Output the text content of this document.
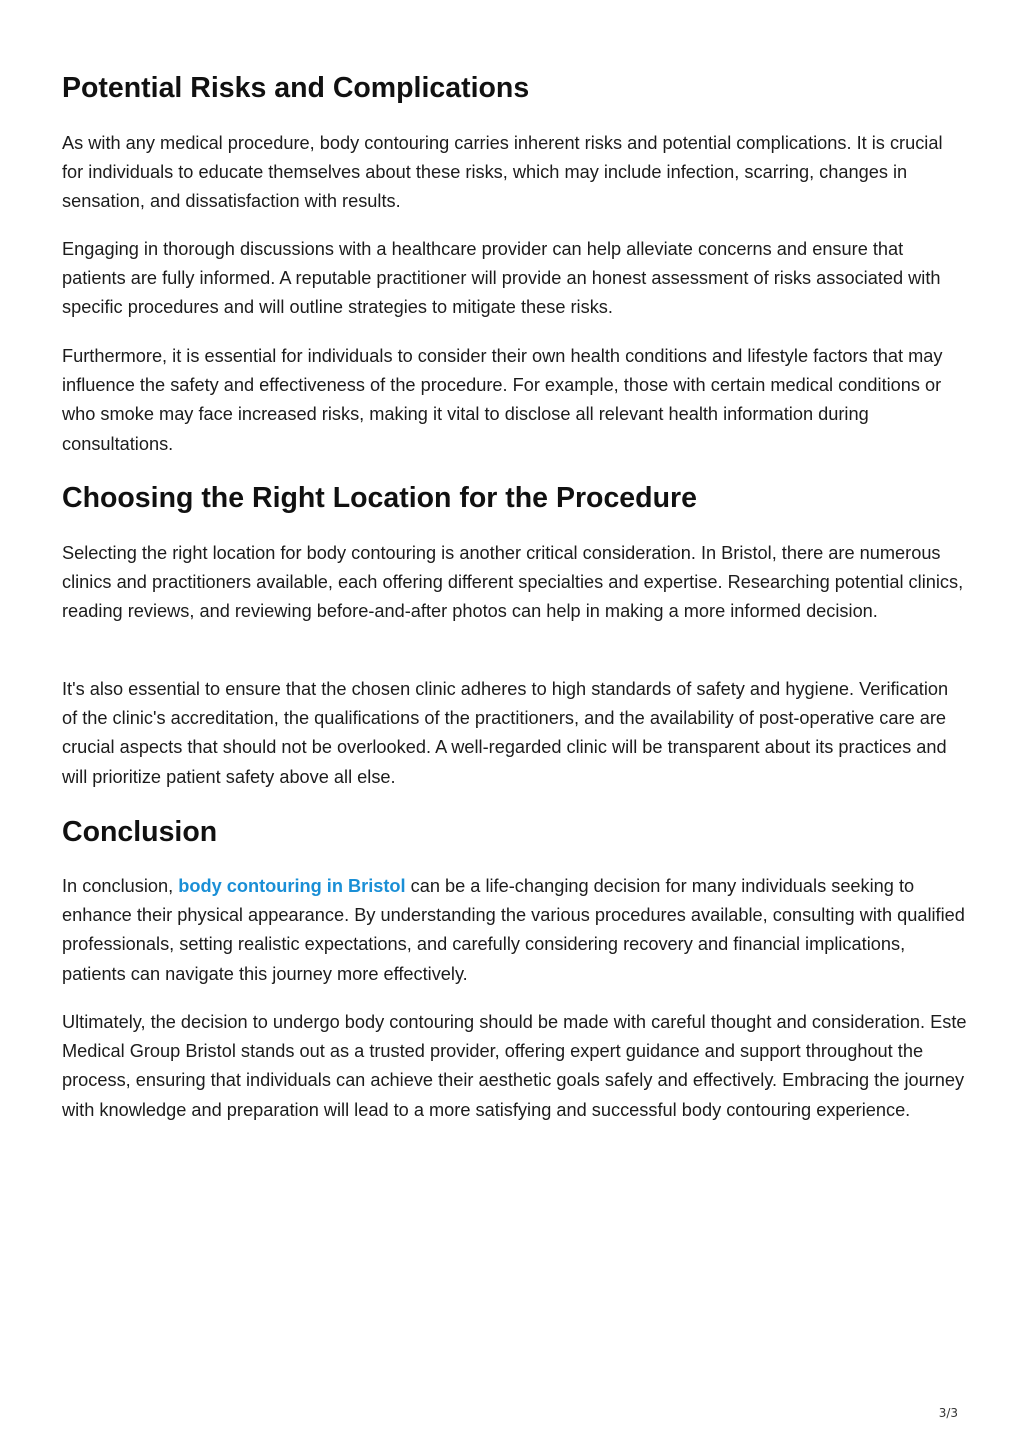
Potential Risks and Complications

As with any medical procedure, body contouring carries inherent risks and potential complications. It is crucial for individuals to educate themselves about these risks, which may include infection, scarring, changes in sensation, and dissatisfaction with results.

Engaging in thorough discussions with a healthcare provider can help alleviate concerns and ensure that patients are fully informed. A reputable practitioner will provide an honest assessment of risks associated with specific procedures and will outline strategies to mitigate these risks.

Furthermore, it is essential for individuals to consider their own health conditions and lifestyle factors that may influence the safety and effectiveness of the procedure. For example, those with certain medical conditions or who smoke may face increased risks, making it vital to disclose all relevant health information during consultations.

Choosing the Right Location for the Procedure

Selecting the right location for body contouring is another critical consideration. In Bristol, there are numerous clinics and practitioners available, each offering different specialties and expertise. Researching potential clinics, reading reviews, and reviewing before-and-after photos can help in making a more informed decision.

It's also essential to ensure that the chosen clinic adheres to high standards of safety and hygiene. Verification of the clinic's accreditation, the qualifications of the practitioners, and the availability of post-operative care are crucial aspects that should not be overlooked. A well-regarded clinic will be transparent about its practices and will prioritize patient safety above all else.

Conclusion

In conclusion, body contouring in Bristol can be a life-changing decision for many individuals seeking to enhance their physical appearance. By understanding the various procedures available, consulting with qualified professionals, setting realistic expectations, and carefully considering recovery and financial implications, patients can navigate this journey more effectively.

Ultimately, the decision to undergo body contouring should be made with careful thought and consideration. Este Medical Group Bristol stands out as a trusted provider, offering expert guidance and support throughout the process, ensuring that individuals can achieve their aesthetic goals safely and effectively. Embracing the journey with knowledge and preparation will lead to a more satisfying and successful body contouring experience.

3/3
